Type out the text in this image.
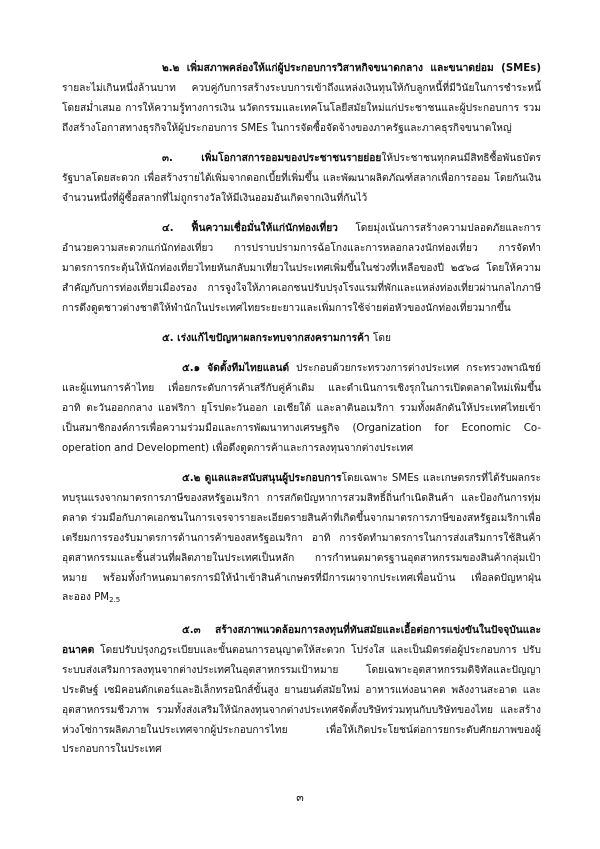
๒.๒ เพิ่มสภาพคล่องให้แก่ผู้ประกอบการวิสาหกิจขนาดกลาง และขนาดย่อม (SMEs) รายละไม่เกินหนึ่งล้านบาท ควบคู่กับการสร้างระบบการเข้าถึงแหล่งเงินทุนให้กับลูกหนี้ที่มีวินัยในการชำระหนี้โดยสม่ำเสมอ การให้ความรู้ทางการเงิน นวัตกรรมและเทคโนโลยีสมัยใหม่แก่ประชาชนและผู้ประกอบการ รวมถึงสร้างโอกาสทางธุรกิจให้ผู้ประกอบการ SMEs ในการจัดซื้อจัดจ้างของภาครัฐและภาคธุรกิจขนาดใหญ่

๓. เพิ่มโอกาสการออมของประชาชนรายย่อยให้ประชาชนทุกคนมีสิทธิซื้อพันธบัตรรัฐบาลโดยสะดวก เพื่อสร้างรายได้เพิ่มจากดอกเบี้ยที่เพิ่มขึ้น และพัฒนาผลิตภัณฑ์สลากเพื่อการออม โดยกันเงินจำนวนหนึ่งที่ผู้ซื้อสลากที่ไม่ถูกรางวัลให้มีเงินออมอันเกิดจากเงินที่กันไว้

๔. ฟื้นความเชื่อมั่นให้แก่นักท่องเที่ยว โดยมุ่งเน้นการสร้างความปลอดภัยและการอำนวยความสะดวกแก่นักท่องเที่ยว การปราบปรามการฉ้อโกงและการหลอกลวงนักท่องเที่ยว การจัดทำมาตรการกระตุ้นให้นักท่องเที่ยวไทยหันกลับมาเที่ยวในประเทศเพิ่มขึ้นในช่วงที่เหลือของปี ๒๕๖๘ โดยให้ความสำคัญกับการท่องเที่ยวเมืองรอง การจูงใจให้ภาคเอกชนปรับปรุงโรงแรมที่พักและแหล่งท่องเที่ยวผ่านกลไกภาษี การดึงดูดชาวต่างชาติให้พำนักในประเทศไทยระยะยาวและเพิ่มการใช้จ่ายต่อหัวของนักท่องเที่ยวมากขึ้น

๕. เร่งแก้ไขปัญหาผลกระทบจากสงครามการค้า โดย

๕.๑ จัดตั้งทีมไทยแลนด์ ประกอบด้วยกระทรวงการต่างประเทศ กระทรวงพาณิชย์และผู้แทนการค้าไทย เพื่อยกระดับการค้าเสรีกับคู่ค้าเดิม และดำเนินการเชิงรุกในการเปิดตลาดใหม่เพิ่มขึ้น อาทิ ตะวันออกกลาง แอฟริกา ยุโรปตะวันออก เอเชียใต้ และลาตินอเมริกา รวมทั้งผลักดันให้ประเทศไทยเข้าเป็นสมาชิกองค์การเพื่อความร่วมมือและการพัฒนาทางเศรษฐกิจ (Organization for Economic Co-operation and Development) เพื่อดึงดูดการค้าและการลงทุนจากต่างประเทศ

๕.๒ ดูแลและสนับสนุนผู้ประกอบการโดยเฉพาะ SMEs และเกษตรกรที่ได้รับผลกระทบรุนแรงจากมาตรการภาษีของสหรัฐอเมริกา การสกัดปัญหาการสวมสิทธิ์ถิ่นกำเนิดสินค้า และป้องกันการทุ่มตลาด ร่วมมือกับภาคเอกชนในการเจรจารายละเอียดรายสินค้าที่เกิดขึ้นจากมาตรการภาษีของสหรัฐอเมริกาเพื่อเตรียมการรองรับมาตรการด้านการค้าของสหรัฐอเมริกา อาทิ การจัดทำมาตรการในการส่งเสริมการใช้สินค้าอุตสาหกรรมและชิ้นส่วนที่ผลิตภายในประเทศเป็นหลัก การกำหนดมาตรฐานอุตสาหกรรมของสินค้ากลุ่มเป้าหมาย พร้อมทั้งกำหนดมาตรการมิให้นำเข้าสินค้าเกษตรที่มีการเผาจากประเทศเพื่อนบ้าน เพื่อลดปัญหาฝุ่นละออง $PM_{2.5}$

๕.๓ สร้างสภาพแวดล้อมการลงทุนที่ทันสมัยและเอื้อต่อการแข่งขันในปัจจุบันและอนาคต โดยปรับปรุงกฎระเบียบและขั้นตอนการอนุญาตให้สะดวก โปร่งใส และเป็นมิตรต่อผู้ประกอบการ ปรับระบบส่งเสริมการลงทุนจากต่างประเทศในอุตสาหกรรมเป้าหมาย โดยเฉพาะอุตสาหกรรมดิจิทัลและปัญญาประดิษฐ์ เซมิคอนดักเตอร์และอิเล็กทรอนิกส์ขั้นสูง ยานยนต์สมัยใหม่ อาหารแห่งอนาคต พลังงานสะอาด และอุตสาหกรรมชีวภาพ รวมทั้งส่งเสริมให้นักลงทุนจากต่างประเทศจัดตั้งบริษัทร่วมทุนกับบริษัทของไทย และสร้างห่วงโซ่การผลิตภายในประเทศจากผู้ประกอบการไทย เพื่อให้เกิดประโยชน์ต่อการยกระดับศักยภาพของผู้ประกอบการในประเทศ

๓
